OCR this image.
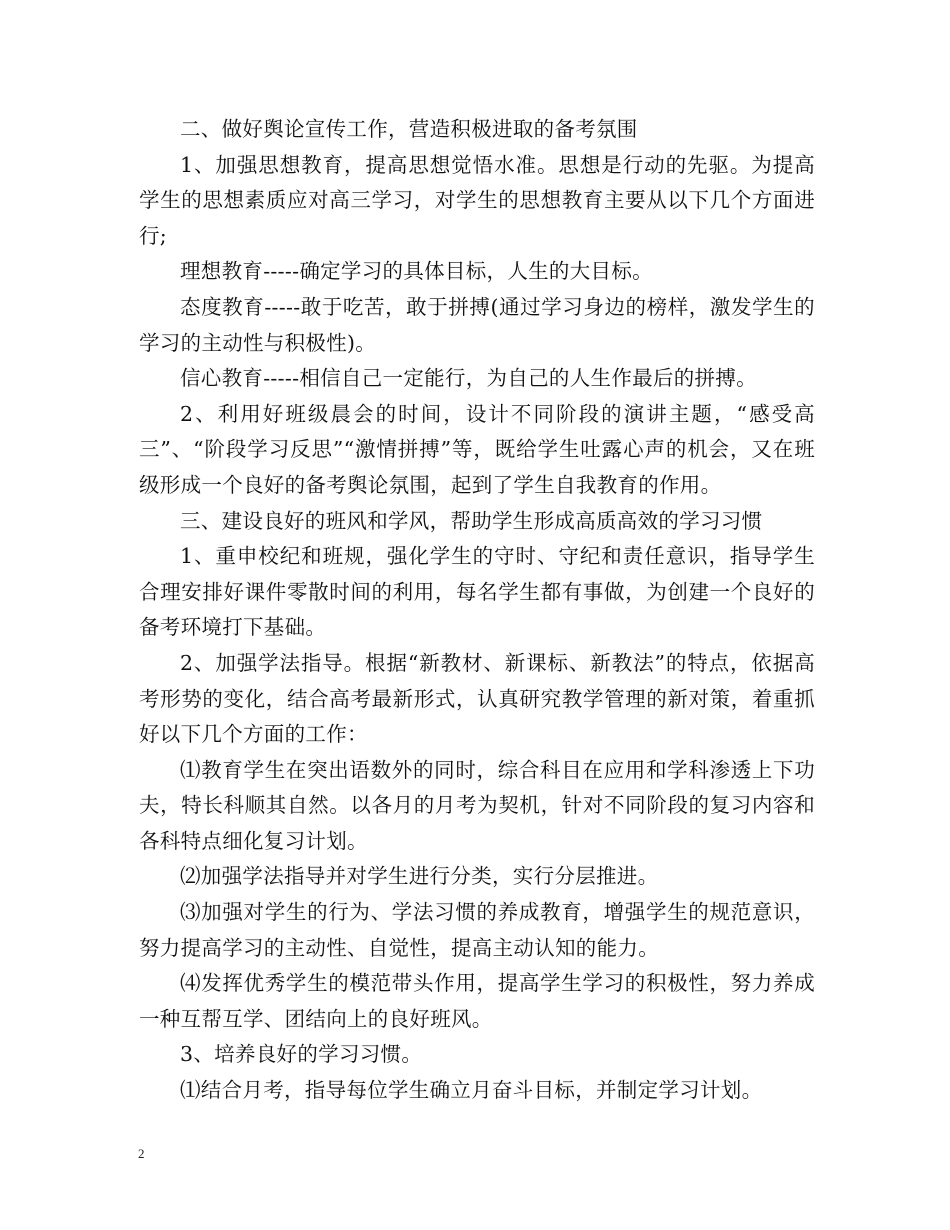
二、做好舆论宣传工作，营造积极进取的备考氛围

1、加强思想教育，提高思想觉悟水准。思想是行动的先驱。为提高学生的思想素质应对高三学习，对学生的思想教育主要从以下几个方面进行;

理想教育-----确定学习的具体目标，人生的大目标。

态度教育-----敢于吃苦，敢于拼搏(通过学习身边的榜样，激发学生的学习的主动性与积极性)。

信心教育-----相信自己一定能行，为自己的人生作最后的拼搏。

2、利用好班级晨会的时间，设计不同阶段的演讲主题，“感受高三”、“阶段学习反思”“激情拼搏”等，既给学生吐露心声的机会，又在班级形成一个良好的备考舆论氛围，起到了学生自我教育的作用。

三、建设良好的班风和学风，帮助学生形成高质高效的学习习惯

1、重申校纪和班规，强化学生的守时、守纪和责任意识，指导学生合理安排好课件零散时间的利用，每名学生都有事做，为创建一个良好的备考环境打下基础。

2、加强学法指导。根据“新教材、新课标、新教法”的特点，依据高考形势的变化，结合高考最新形式，认真研究教学管理的新对策，着重抓好以下几个方面的工作：

⑴教育学生在突出语数外的同时，综合科目在应用和学科渗透上下功夫，特长科顺其自然。以各月的月考为契机，针对不同阶段的复习内容和各科特点细化复习计划。

⑵加强学法指导并对学生进行分类，实行分层推进。

⑶加强对学生的行为、学法习惯的养成教育，增强学生的规范意识，努力提高学习的主动性、自觉性，提高主动认知的能力。

⑷发挥优秀学生的模范带头作用，提高学生学习的积极性，努力养成一种互帮互学、团结向上的良好班风。

3、培养良好的学习习惯。

⑴结合月考，指导每位学生确立月奋斗目标，并制定学习计划。

2
